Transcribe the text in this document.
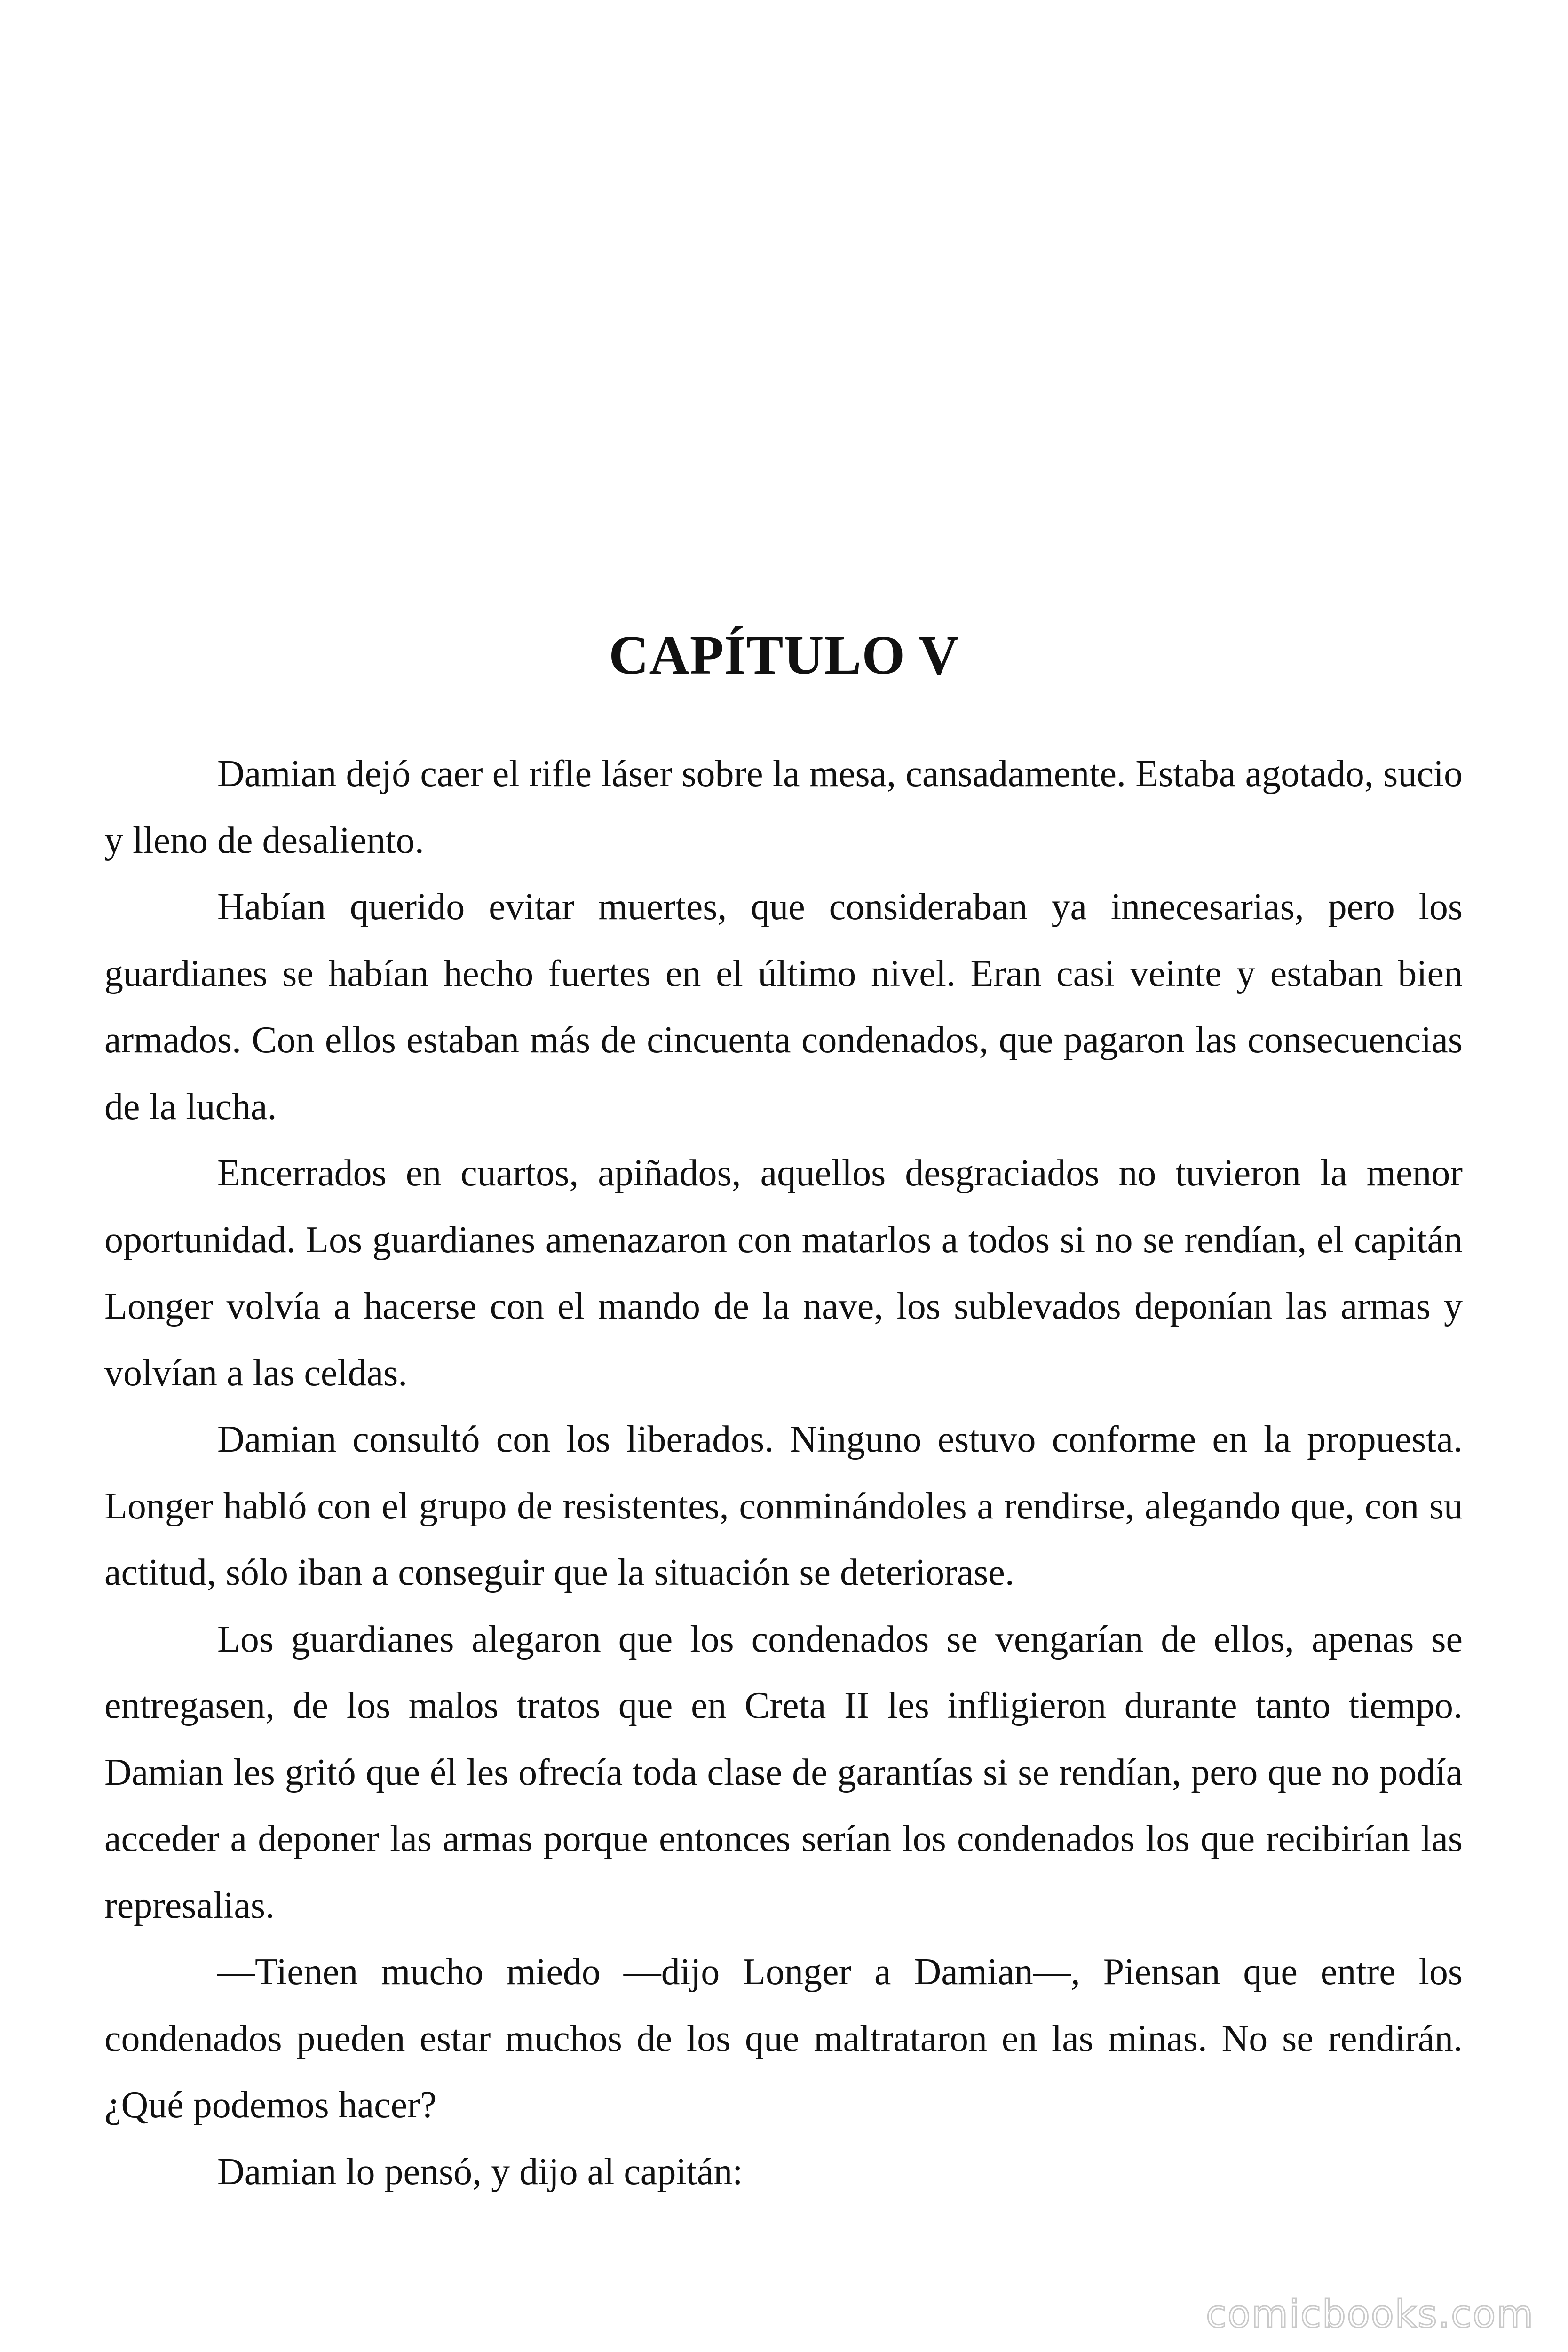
CAPÍTULO V

Damian dejó caer el rifle láser sobre la mesa, cansadamente. Estaba agotado, sucio y lleno de desaliento.

Habían querido evitar muertes, que consideraban ya innecesarias, pero los guardianes se habían hecho fuertes en el último nivel. Eran casi veinte y estaban bien armados. Con ellos estaban más de cincuenta condenados, que pagaron las consecuencias de la lucha.

Encerrados en cuartos, apiñados, aquellos desgraciados no tuvieron la menor oportunidad. Los guardianes amenazaron con matarlos a todos si no se rendían, el capitán Longer volvía a hacerse con el mando de la nave, los sublevados deponían las armas y volvían a las celdas.

Damian consultó con los liberados. Ninguno estuvo conforme en la propuesta. Longer habló con el grupo de resistentes, conminándoles a rendirse, alegando que, con su actitud, sólo iban a conseguir que la situación se deteriorase.

Los guardianes alegaron que los condenados se vengarían de ellos, apenas se entregasen, de los malos tratos que en Creta II les infligieron durante tanto tiempo. Damian les gritó que él les ofrecía toda clase de garantías si se rendían, pero que no podía acceder a deponer las armas porque entonces serían los condenados los que recibirían las represalias.

—Tienen mucho miedo —dijo Longer a Damian—, Piensan que entre los condenados pueden estar muchos de los que maltrataron en las minas. No se rendirán. ¿Qué podemos hacer?

Damian lo pensó, y dijo al capitán:

comicbooks.com
